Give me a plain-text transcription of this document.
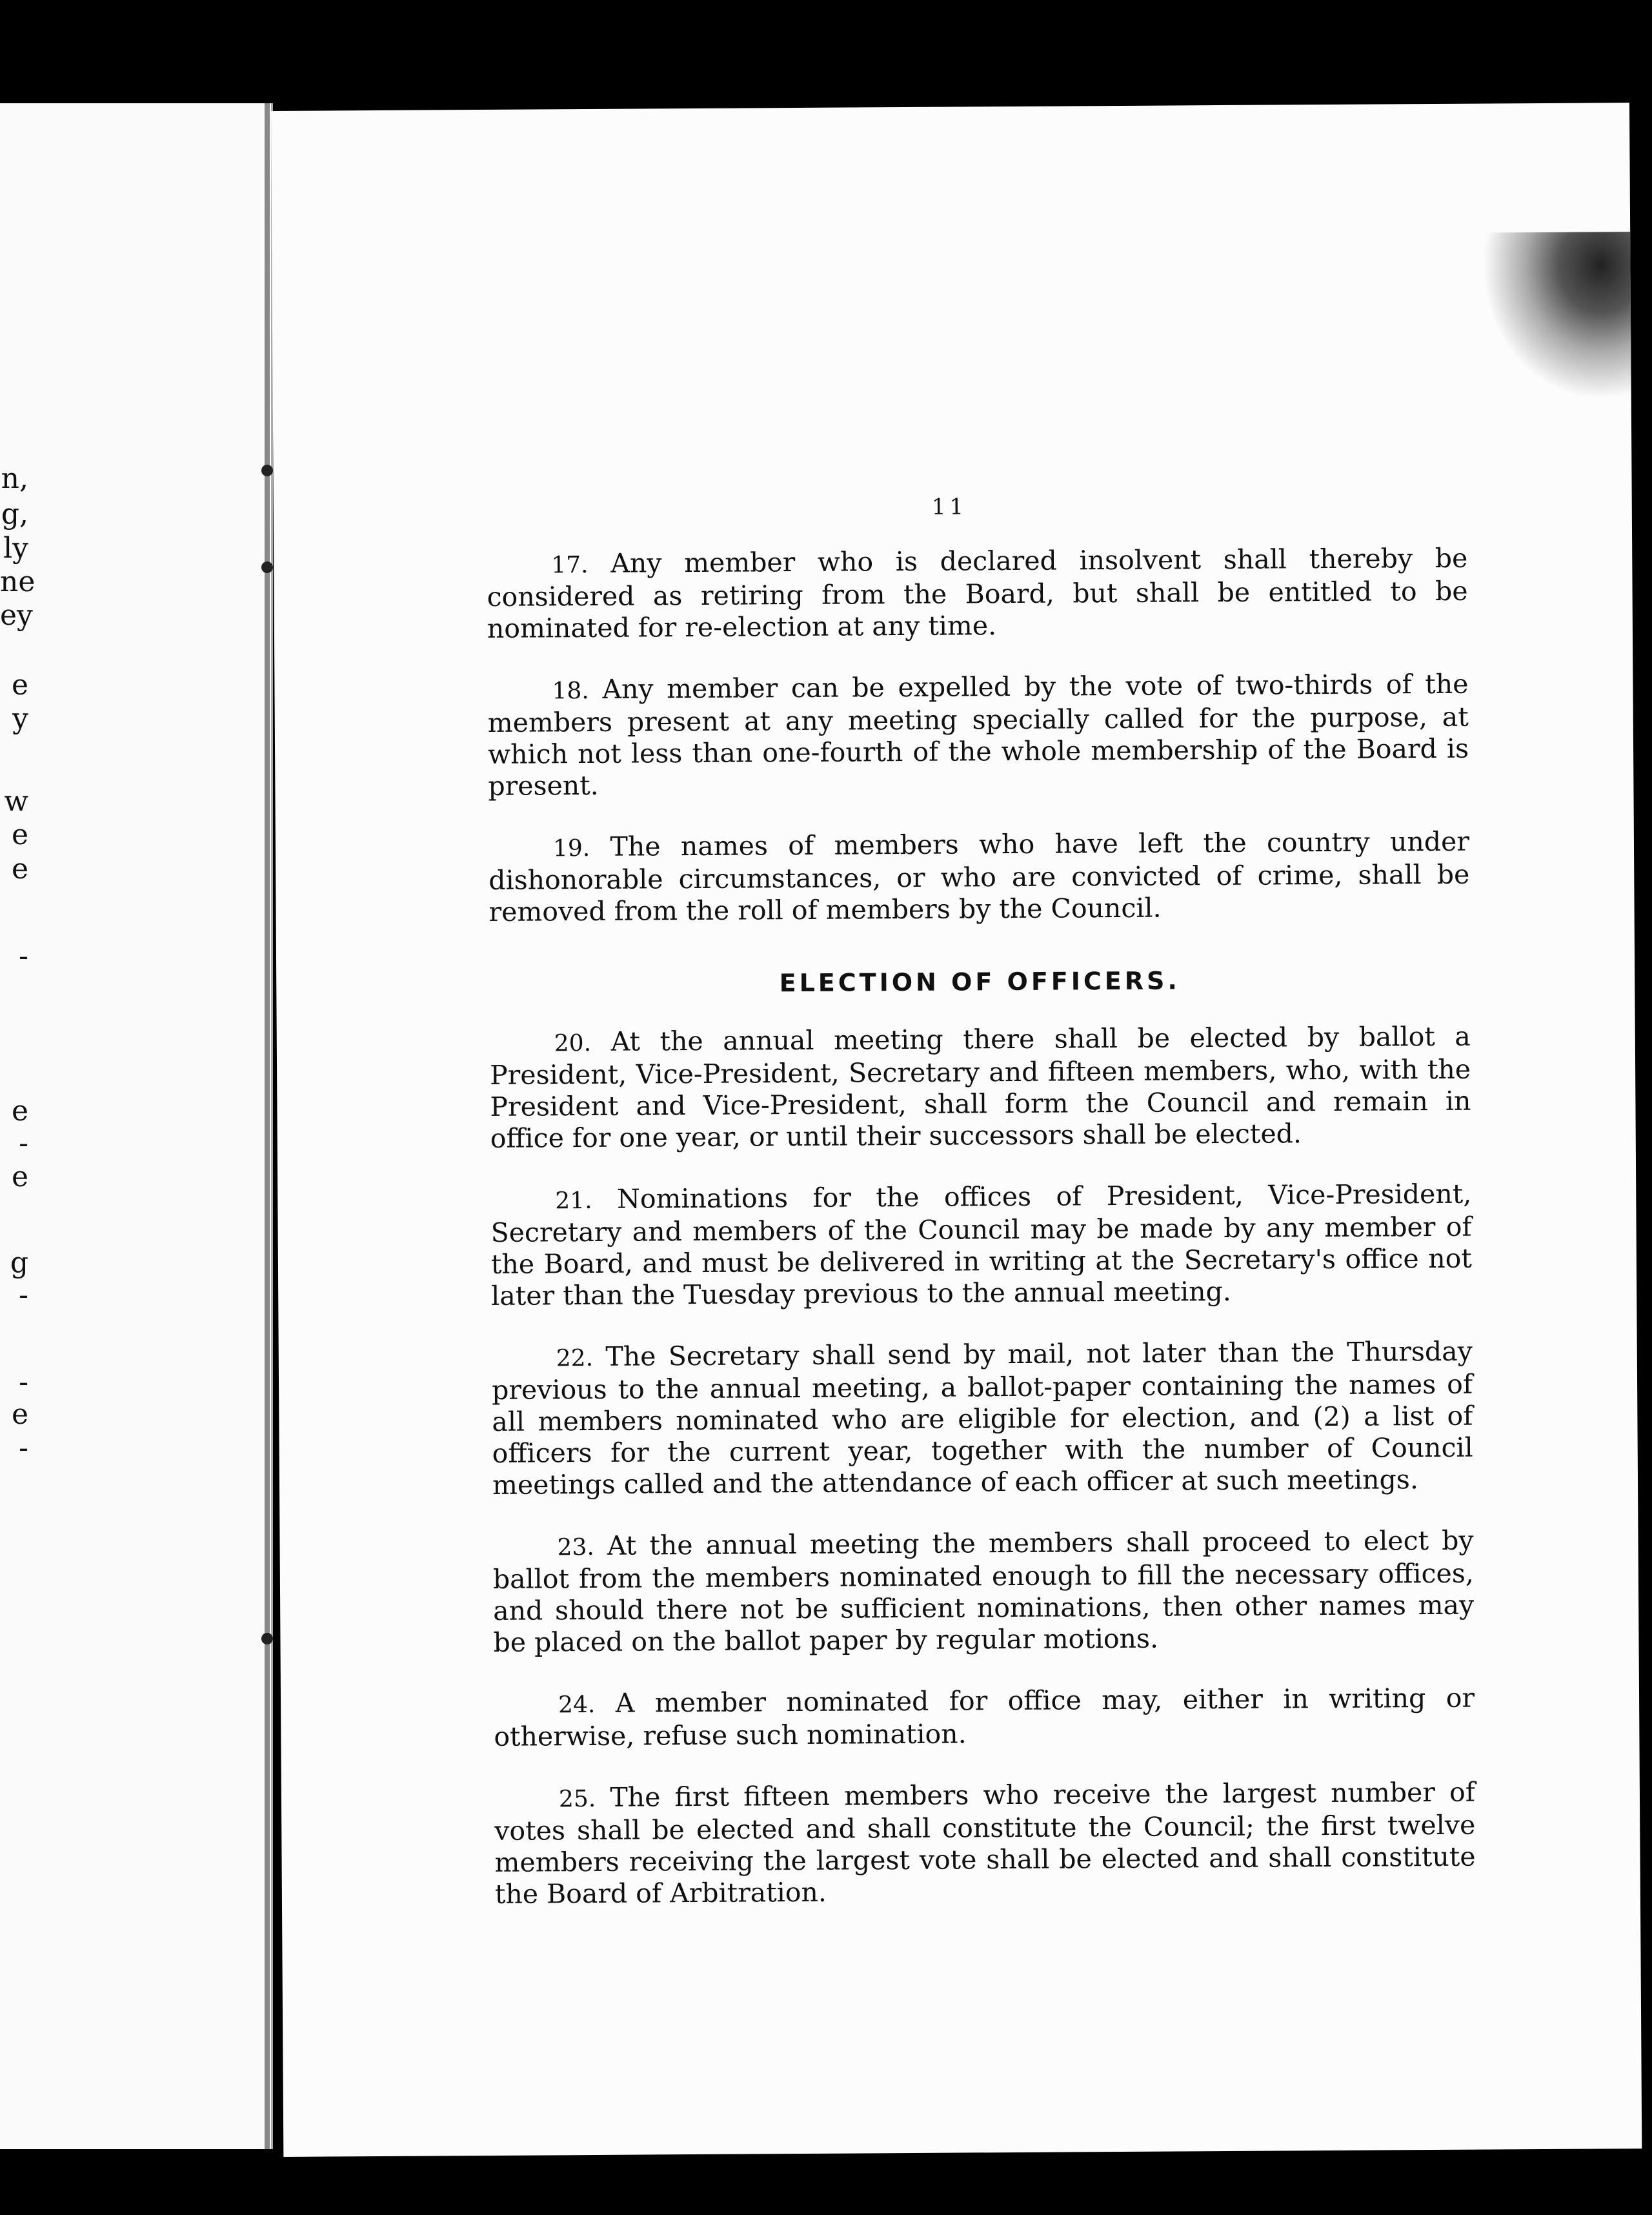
n,
g,
ly
ne
ey
e
y
w
e
e
-
e
-
e
g
-
-
e
-
11

17. Any member who is declared insolvent shall thereby be considered as retiring from the Board, but shall be entitled to be nominated for re-election at any time.

18. Any member can be expelled by the vote of two-thirds of the members present at any meeting specially called for the purpose, at which not less than one-fourth of the whole membership of the Board is present.

19. The names of members who have left the country under dishonorable circumstances, or who are convicted of crime, shall be removed from the roll of members by the Council.

ELECTION OF OFFICERS.

20. At the annual meeting there shall be elected by ballot a President, Vice-President, Secretary and fifteen members, who, with the President and Vice-President, shall form the Council and remain in office for one year, or until their successors shall be elected.

21. Nominations for the offices of President, Vice-President, Secretary and members of the Council may be made by any member of the Board, and must be delivered in writing at the Secretary's office not later than the Tuesday previous to the annual meeting.

22. The Secretary shall send by mail, not later than the Thursday previous to the annual meeting, a ballot-paper containing the names of all members nominated who are eligible for election, and (2) a list of officers for the current year, together with the number of Council meetings called and the attendance of each officer at such meetings.

23. At the annual meeting the members shall proceed to elect by ballot from the members nominated enough to fill the necessary offices, and should there not be sufficient nominations, then other names may be placed on the ballot paper by regular motions.

24. A member nominated for office may, either in writing or otherwise, refuse such nomination.

25. The first fifteen members who receive the largest number of votes shall be elected and shall constitute the Council; the first twelve members receiving the largest vote shall be elected and shall constitute the Board of Arbitration.
